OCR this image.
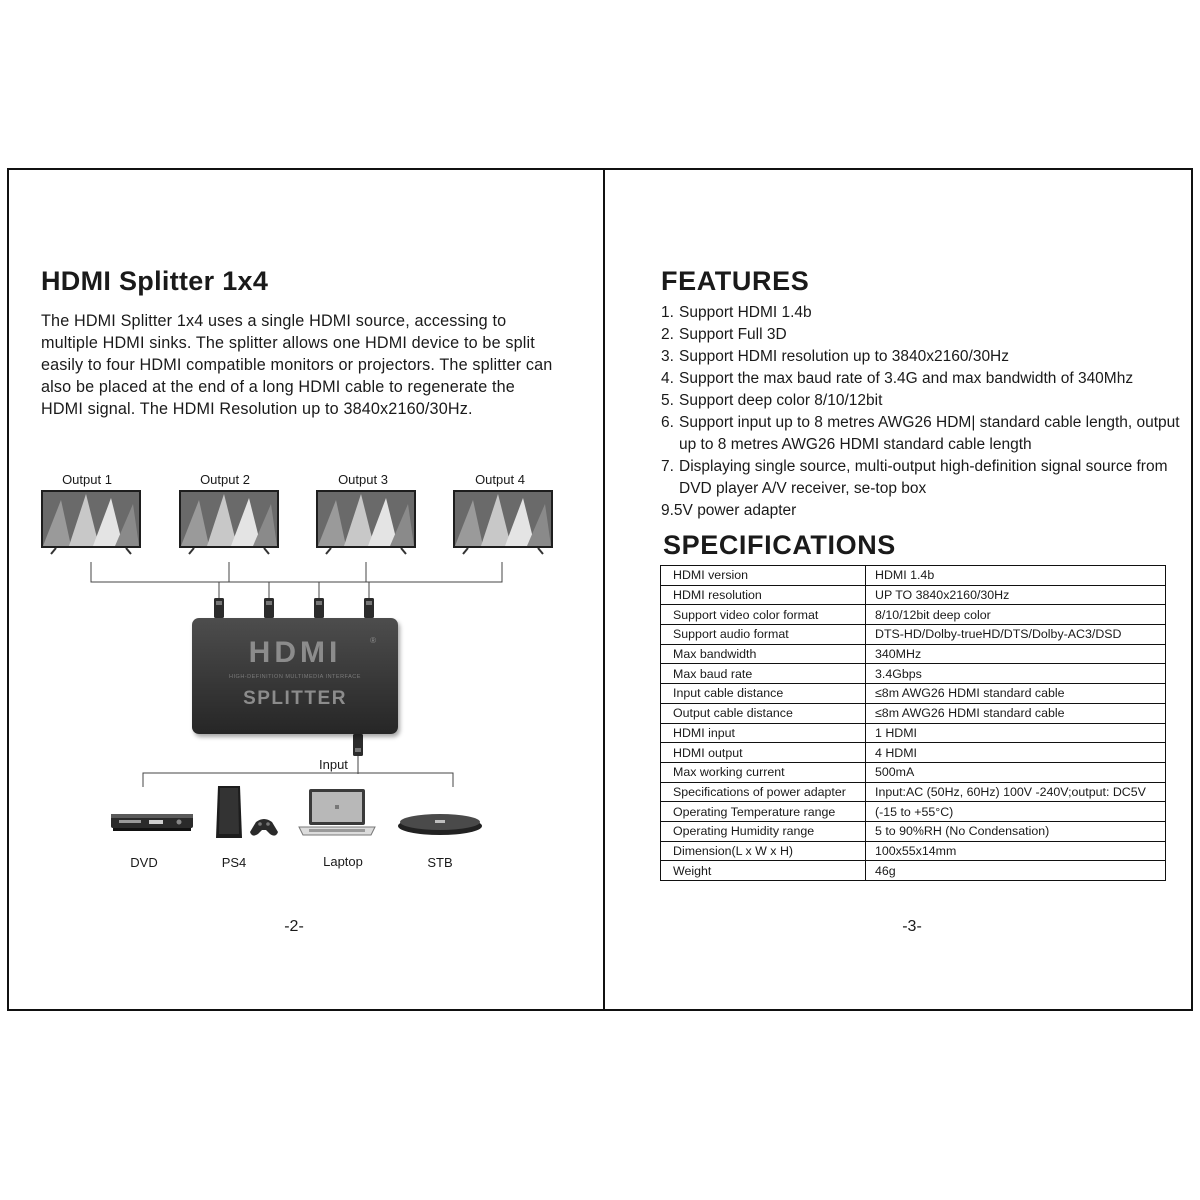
HDMI Splitter 1x4

The HDMI Splitter 1x4 uses a single HDMI source, accessing to multiple HDMI sinks. The splitter allows one HDMI device to be split easily to four HDMI compatible monitors or projectors. The splitter can also be placed at the end of a long HDMI cable to regenerate the HDMI signal. The HDMI Resolution up to 3840x2160/30Hz.

Output 1	Output 2	Output 3	Output 4
HDMI	®
HIGH-DEFINITION MULTIMEDIA INTERFACE
SPLITTER
Input
DVD	PS4	Laptop	STB
-2-
FEATURES
1. Support HDMI 1.4b
2. Support Full 3D
3. Support HDMI resolution up to 3840x2160/30Hz
4. Support the max baud rate of 3.4G and max bandwidth of 340Mhz
5. Support deep color 8/10/12bit
6. Support input up to 8 metres AWG26 HDM| standard cable length, output up to 8 metres AWG26 HDMI standard cable length
7. Displaying single source, multi-output high-definition signal source from DVD player A/V receiver, se-top box
9.5V power adapter
SPECIFICATIONS
HDMI version	HDMI 1.4b
HDMI resolution	UP TO 3840x2160/30Hz
Support video color format	8/10/12bit deep color
Support audio format	DTS-HD/Dolby-trueHD/DTS/Dolby-AC3/DSD
Max bandwidth	340MHz
Max baud rate	3.4Gbps
Input cable distance	≤8m AWG26 HDMI standard cable
Output cable distance	≤8m AWG26 HDMI standard cable
HDMI input	1 HDMI
HDMI output	4 HDMI
Max working current	500mA
Specifications of power adapter	Input:AC (50Hz, 60Hz) 100V -240V;output: DC5V
Operating Temperature range	(-15 to +55°C)
Operating Humidity range	5 to 90%RH (No Condensation)
Dimension(L x W x H)	100x55x14mm
Weight	46g
-3-
